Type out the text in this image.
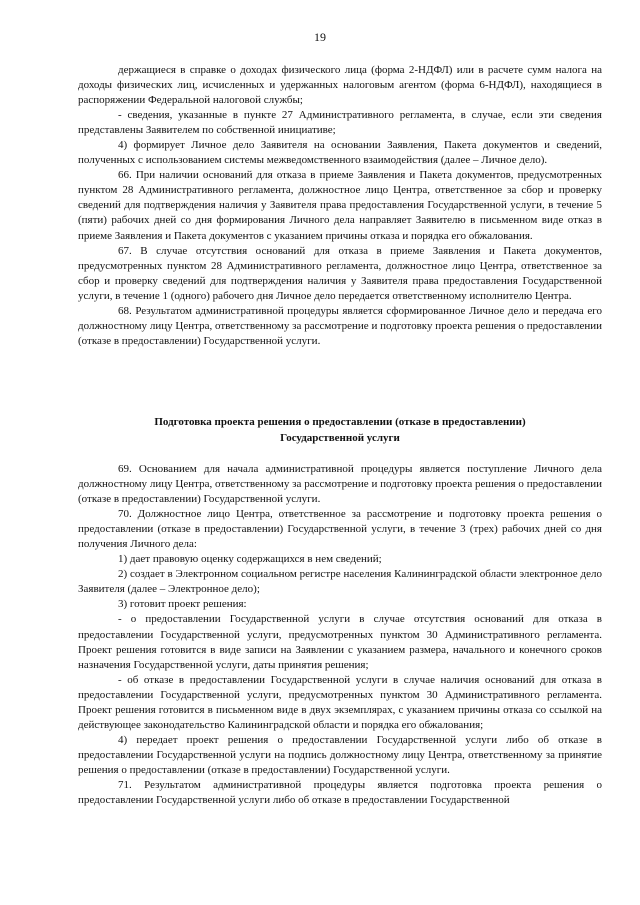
19

держащиеся в справке о доходах физического лица (форма 2-НДФЛ) или в расчете сумм налога на доходы физических лиц, исчисленных и удержанных налоговым агентом (форма 6-НДФЛ), находящиеся в распоряжении Федеральной налоговой службы;

- сведения, указанные в пункте 27 Административного регламента, в случае, если эти сведения представлены Заявителем по собственной инициативе;

4) формирует Личное дело Заявителя на основании Заявления, Пакета документов и сведений, полученных с использованием системы межведомственного взаимодействия (далее – Личное дело).

66. При наличии оснований для отказа в приеме Заявления и Пакета документов, предусмотренных пунктом 28 Административного регламента, должностное лицо Центра, ответственное за сбор и проверку сведений для подтверждения наличия у Заявителя права предоставления Государственной услуги, в течение 5 (пяти) рабочих дней со дня формирования Личного дела направляет Заявителю в письменном виде отказ в приеме Заявления и Пакета документов с указанием причины отказа и порядка его обжалования.

67. В случае отсутствия оснований для отказа в приеме Заявления и Пакета документов, предусмотренных пунктом 28 Административного регламента, должностное лицо Центра, ответственное за сбор и проверку сведений для подтверждения наличия у Заявителя права предоставления Государственной услуги, в течение 1 (одного) рабочего дня Личное дело передается ответственному исполнителю Центра.

68. Результатом административной процедуры является сформированное Личное дело и передача его должностному лицу Центра, ответственному за рассмотрение и подготовку проекта решения о предоставлении (отказе в предоставлении) Государственной услуги.

Подготовка проекта решения о предоставлении (отказе в предоставлении)
Государственной услуги

69. Основанием для начала административной процедуры является поступление Личного дела должностному лицу Центра, ответственному за рассмотрение и подготовку проекта решения о предоставлении (отказе в предоставлении) Государственной услуги.

70. Должностное лицо Центра, ответственное за рассмотрение и подготовку проекта решения о предоставлении (отказе в предоставлении) Государственной услуги, в течение 3 (трех) рабочих дней со дня получения Личного дела:

1) дает правовую оценку содержащихся в нем сведений;

2) создает в Электронном социальном регистре населения Калининградской области электронное дело Заявителя (далее – Электронное дело);

3) готовит проект решения:

- о предоставлении Государственной услуги в случае отсутствия оснований для отказа в предоставлении Государственной услуги, предусмотренных пунктом 30 Административного регламента. Проект решения готовится в виде записи на Заявлении с указанием размера, начального и конечного сроков назначения Государственной услуги, даты принятия решения;

- об отказе в предоставлении Государственной услуги в случае наличия оснований для отказа в предоставлении Государственной услуги, предусмотренных пунктом 30 Административного регламента. Проект решения готовится в письменном виде в двух экземплярах, с указанием причины отказа со ссылкой на действующее законодательство Калининградской области и порядка его обжалования;

4) передает проект решения о предоставлении Государственной услуги либо об отказе в предоставлении Государственной услуги на подпись должностному лицу Центра, ответственному за принятие решения о предоставлении (отказе в предоставлении) Государственной услуги.

71. Результатом административной процедуры является подготовка проекта решения о предоставлении Государственной услуги либо об отказе в предоставлении Государственной
